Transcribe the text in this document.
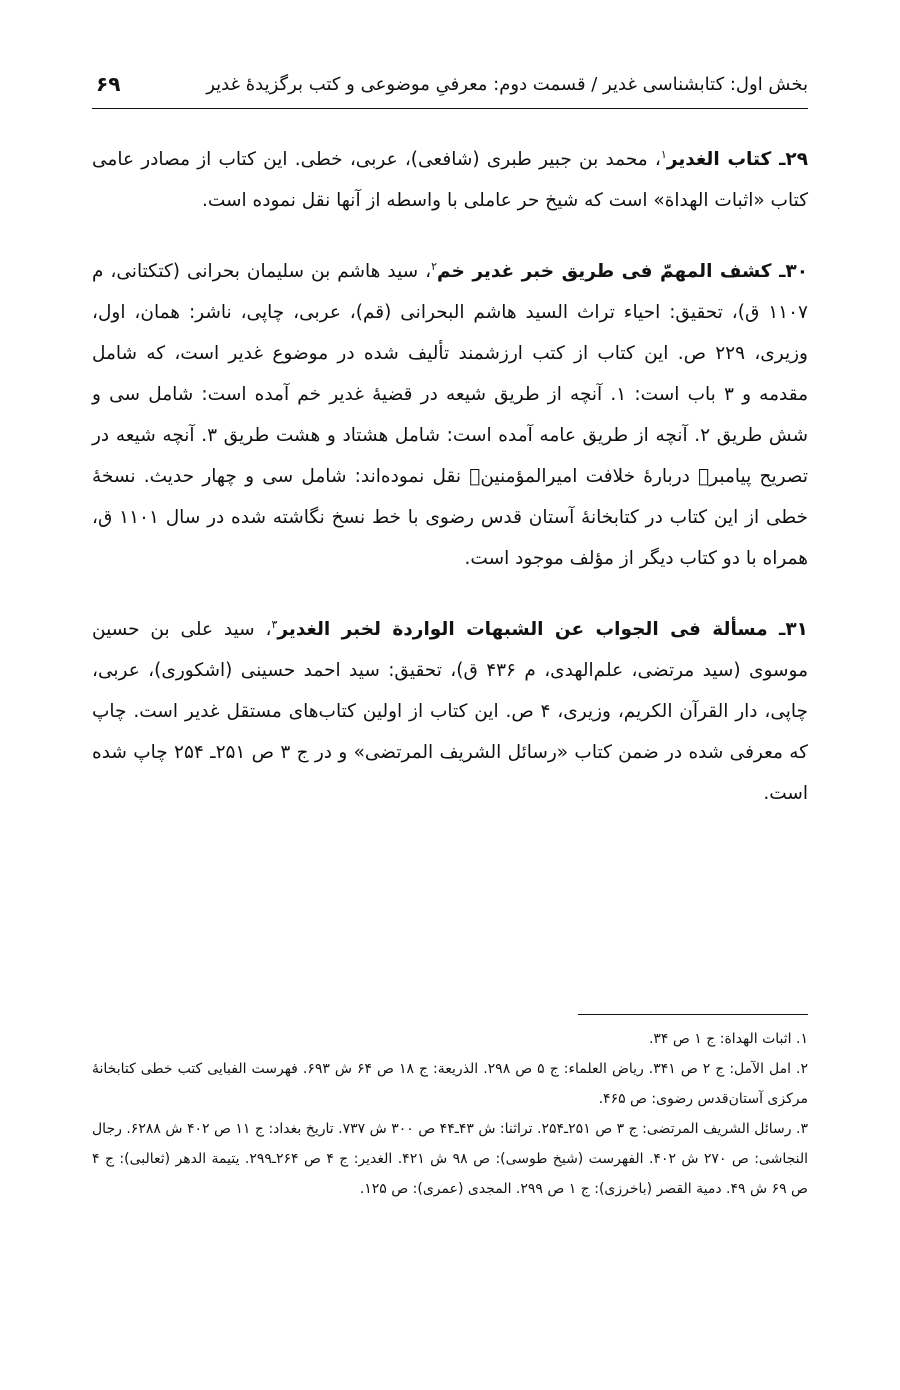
بخش اول: کتابشناسی غدیر / قسمت دوم: معرفیِ موضوعی و کتب برگزیدۀ غدیر
۶۹

۲۹ـ کتاب الغدیر$^۱$، محمد بن جبیر طبری (شافعی)، عربی، خطی. این کتاب از مصادر عامی کتاب «اثبات الهداة» است که شیخ حر عاملی با واسطه از آنها نقل نموده است.

۳۰ـ کشف المهمّ فی طریق خبر غدیر خم$^۲$، سید هاشم بن سلیمان بحرانی (کتکتانی، م ۱۱۰۷ ق)، تحقیق: احیاء تراث السید هاشم البحرانی (قم)، عربی، چاپی، ناشر: همان، اول، وزیری، ۲۲۹ ص. این کتاب از کتب ارزشمند تألیف شده در موضوع غدیر است، که شامل مقدمه و ۳ باب است: ۱. آنچه از طریق شیعه در قضیۀ غدیر خم آمده است: شامل سی و شش طریق ۲. آنچه از طریق عامه آمده است: شامل هشتاد و هشت طریق ۳. آنچه شیعه در تصریح پیامبرﷺ دربارۀ خلافت امیرالمؤمنینؑ نقل نموده‌اند: شامل سی و چهار حدیث. نسخۀ خطی از این کتاب در کتابخانۀ آستان قدس رضوی با خط نسخ نگاشته شده در سال ۱۱۰۱ ق، همراه با دو کتاب دیگر از مؤلف موجود است.

۳۱ـ مسألة فی الجواب عن الشبهات الواردة لخبر الغدیر$^۳$، سید علی بن حسین موسوی (سید مرتضی، علم‌الهدی، م ۴۳۶ ق)، تحقیق: سید احمد حسینی (اشکوری)، عربی، چاپی، دار القرآن الکریم، وزیری، ۴ ص. این کتاب از اولین کتاب‌های مستقل غدیر است. چاپ که معرفی شده در ضمن کتاب «رسائل الشریف المرتضی» و در ج ۳ ص ۲۵۱ـ ۲۵۴ چاپ شده است.

۱. اثبات الهداة: ج ۱ ص ۳۴.

۲. امل الآمل: ج ۲ ص ۳۴۱. ریاض العلماء: ج ۵ ص ۲۹۸. الذریعة: ج ۱۸ ص ۶۴ ش ۶۹۳. فهرست الفبایی کتب خطی کتابخانۀ مرکزی آستان‌قدس رضوی: ص ۴۶۵.

۳. رسائل الشریف المرتضی: ج ۳ ص ۲۵۱ـ۲۵۴. تراثنا: ش ۴۳ـ۴۴ ص ۳۰۰ ش ۷۳۷. تاریخ بغداد: ج ۱۱ ص ۴۰۲ ش ۶۲۸۸. رجال النجاشی: ص ۲۷۰ ش ۴۰۲. الفهرست (شیخ طوسی): ص ۹۸ ش ۴۲۱. الغدیر: ج ۴ ص ۲۶۴ـ۲۹۹. یتیمة الدهر (ثعالبی): ج ۴ ص ۶۹ ش ۴۹. دمیة القصر (باخرزی): ج ۱ ص ۲۹۹. المجدی (عمری): ص ۱۲۵.
